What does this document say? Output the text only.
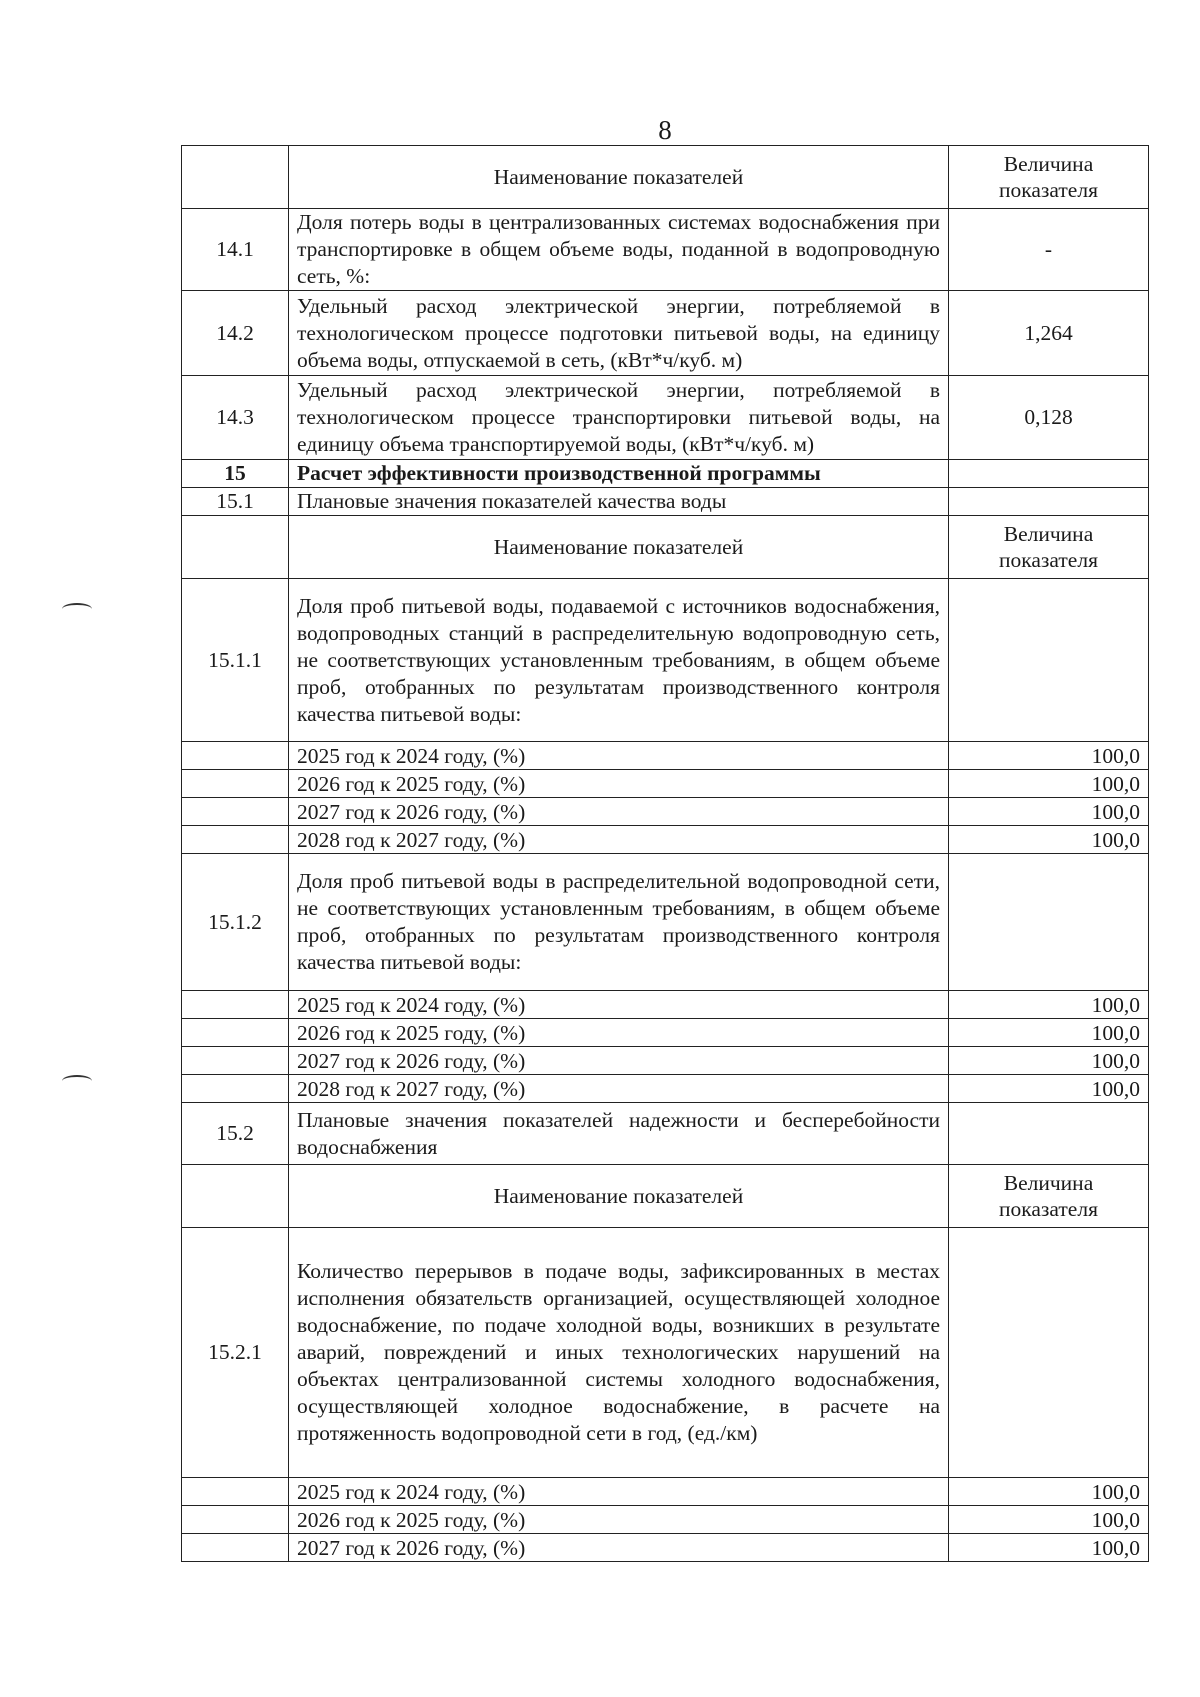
8
	Наименование показателей	Величина показателя
14.1	Доля потерь воды в централизованных системах водоснабжения при транспортировке в общем объеме воды, поданной в водопроводную сеть, %:	-
14.2	Удельный расход электрической энергии, потребляемой в технологическом процессе подготовки питьевой воды, на единицу объема воды, отпускаемой в сеть, (кВт*ч/куб. м)	1,264
14.3	Удельный расход электрической энергии, потребляемой в технологическом процессе транспортировки питьевой воды, на единицу объема транспортируемой воды, (кВт*ч/куб. м)	0,128
15	Расчет эффективности производственной программы	
15.1	Плановые значения показателей качества воды	
	Наименование показателей	Величина показателя
15.1.1	Доля проб питьевой воды, подаваемой с источников водоснабжения, водопроводных станций в распределительную водопроводную сеть, не соответствующих установленным требованиям, в общем объеме проб, отобранных по результатам производственного контроля качества питьевой воды:	
	2025 год к 2024 году, (%)	100,0
	2026 год к 2025 году, (%)	100,0
	2027 год к 2026 году, (%)	100,0
	2028 год к 2027 году, (%)	100,0
15.1.2	Доля проб питьевой воды в распределительной водопроводной сети, не соответствующих установленным требованиям, в общем объеме проб, отобранных по результатам производственного контроля качества питьевой воды:	
	2025 год к 2024 году, (%)	100,0
	2026 год к 2025 году, (%)	100,0
	2027 год к 2026 году, (%)	100,0
	2028 год к 2027 году, (%)	100,0
15.2	Плановые значения показателей надежности и бесперебойности водоснабжения	
	Наименование показателей	Величина показателя
15.2.1	Количество перерывов в подаче воды, зафиксированных в местах исполнения обязательств организацией, осуществляющей холодное водоснабжение, по подаче холодной воды, возникших в результате аварий, повреждений и иных технологических нарушений на объектах централизованной системы холодного водоснабжения, осуществляющей холодное водоснабжение, в расчете на протяженность водопроводной сети в год, (ед./км)	
	2025 год к 2024 году, (%)	100,0
	2026 год к 2025 году, (%)	100,0
	2027 год к 2026 году, (%)	100,0
